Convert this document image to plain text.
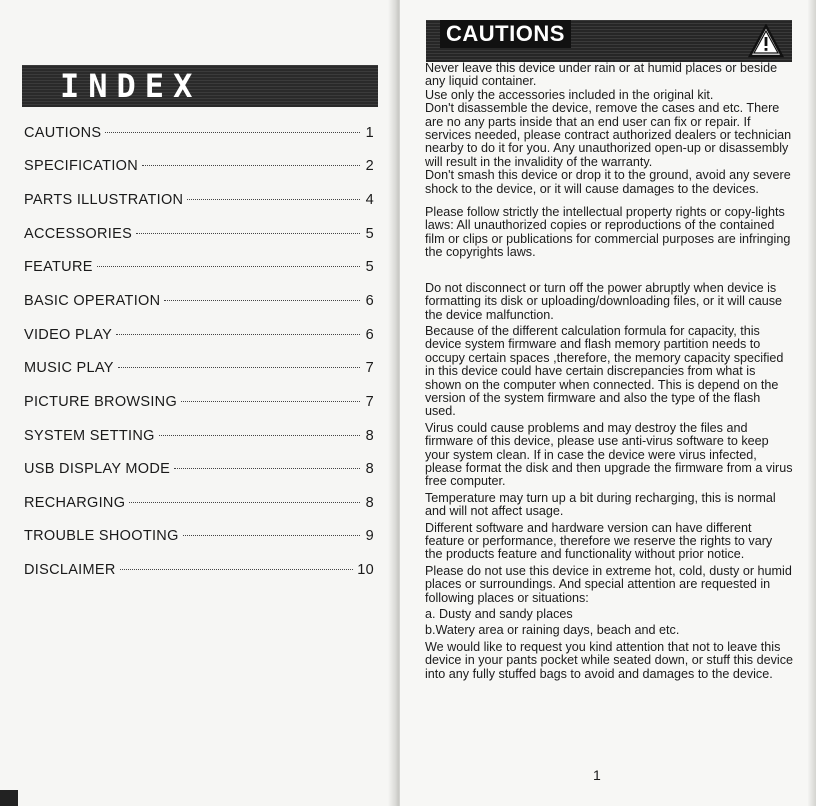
INDEX
CAUTIONS	1
SPECIFICATION	2
PARTS ILLUSTRATION	4
ACCESSORIES	5
FEATURE	5
BASIC OPERATION	6
VIDEO PLAY	6
MUSIC PLAY	7
PICTURE BROWSING	7
SYSTEM SETTING	8
USB DISPLAY MODE	8
RECHARGING	8
TROUBLE SHOOTING	9
DISCLAIMER	10
CAUTIONS

Never leave this device under rain or at humid places or beside any liquid container.

Use only the accessories included in the original kit.

Don't disassemble the device, remove the cases and etc. There are no any parts inside that an end user can fix or repair. If services needed, please contract authorized dealers or technician nearby to do it for you. Any unauthorized open-up or disassembly will result in the invalidity of the warranty.

Don't smash this device or drop it to the ground, avoid any severe shock to the device, or it will cause damages to the devices.

Please follow strictly the intellectual property rights or copy-lights laws: All unauthorized copies or reproductions of the contained film or clips or publications for commercial purposes are infringing the copyrights laws.

Do not disconnect or turn off the power abruptly when device is formatting its disk or uploading/downloading files, or it will cause the device malfunction.

Because of the different calculation formula for capacity, this device system firmware and flash memory partition needs to occupy certain spaces ,therefore, the memory capacity specified in this device could have certain discrepancies from what is shown on the computer when connected. This is depend on the version of the system firmware and also the type of the flash used.

Virus could cause problems and may destroy the files and firmware of this device, please use anti-virus software to keep your system clean. If in case the device were virus infected, please format the disk and then upgrade the firmware from a virus free computer.

Temperature may turn up a bit during recharging, this is normal and will not affect usage.

Different software and hardware version can have different feature or performance, therefore we reserve the rights to vary the products feature and functionality without prior notice.

Please do not use this device in extreme hot, cold, dusty or humid places or surroundings. And special attention are requested in following places or situations:

a. Dusty and sandy places

b.Watery area or raining days, beach and etc.

We would like to request you kind attention that not to leave this device in your pants pocket while seated down, or stuff this device into any fully stuffed bags to avoid and damages to the device.

1
